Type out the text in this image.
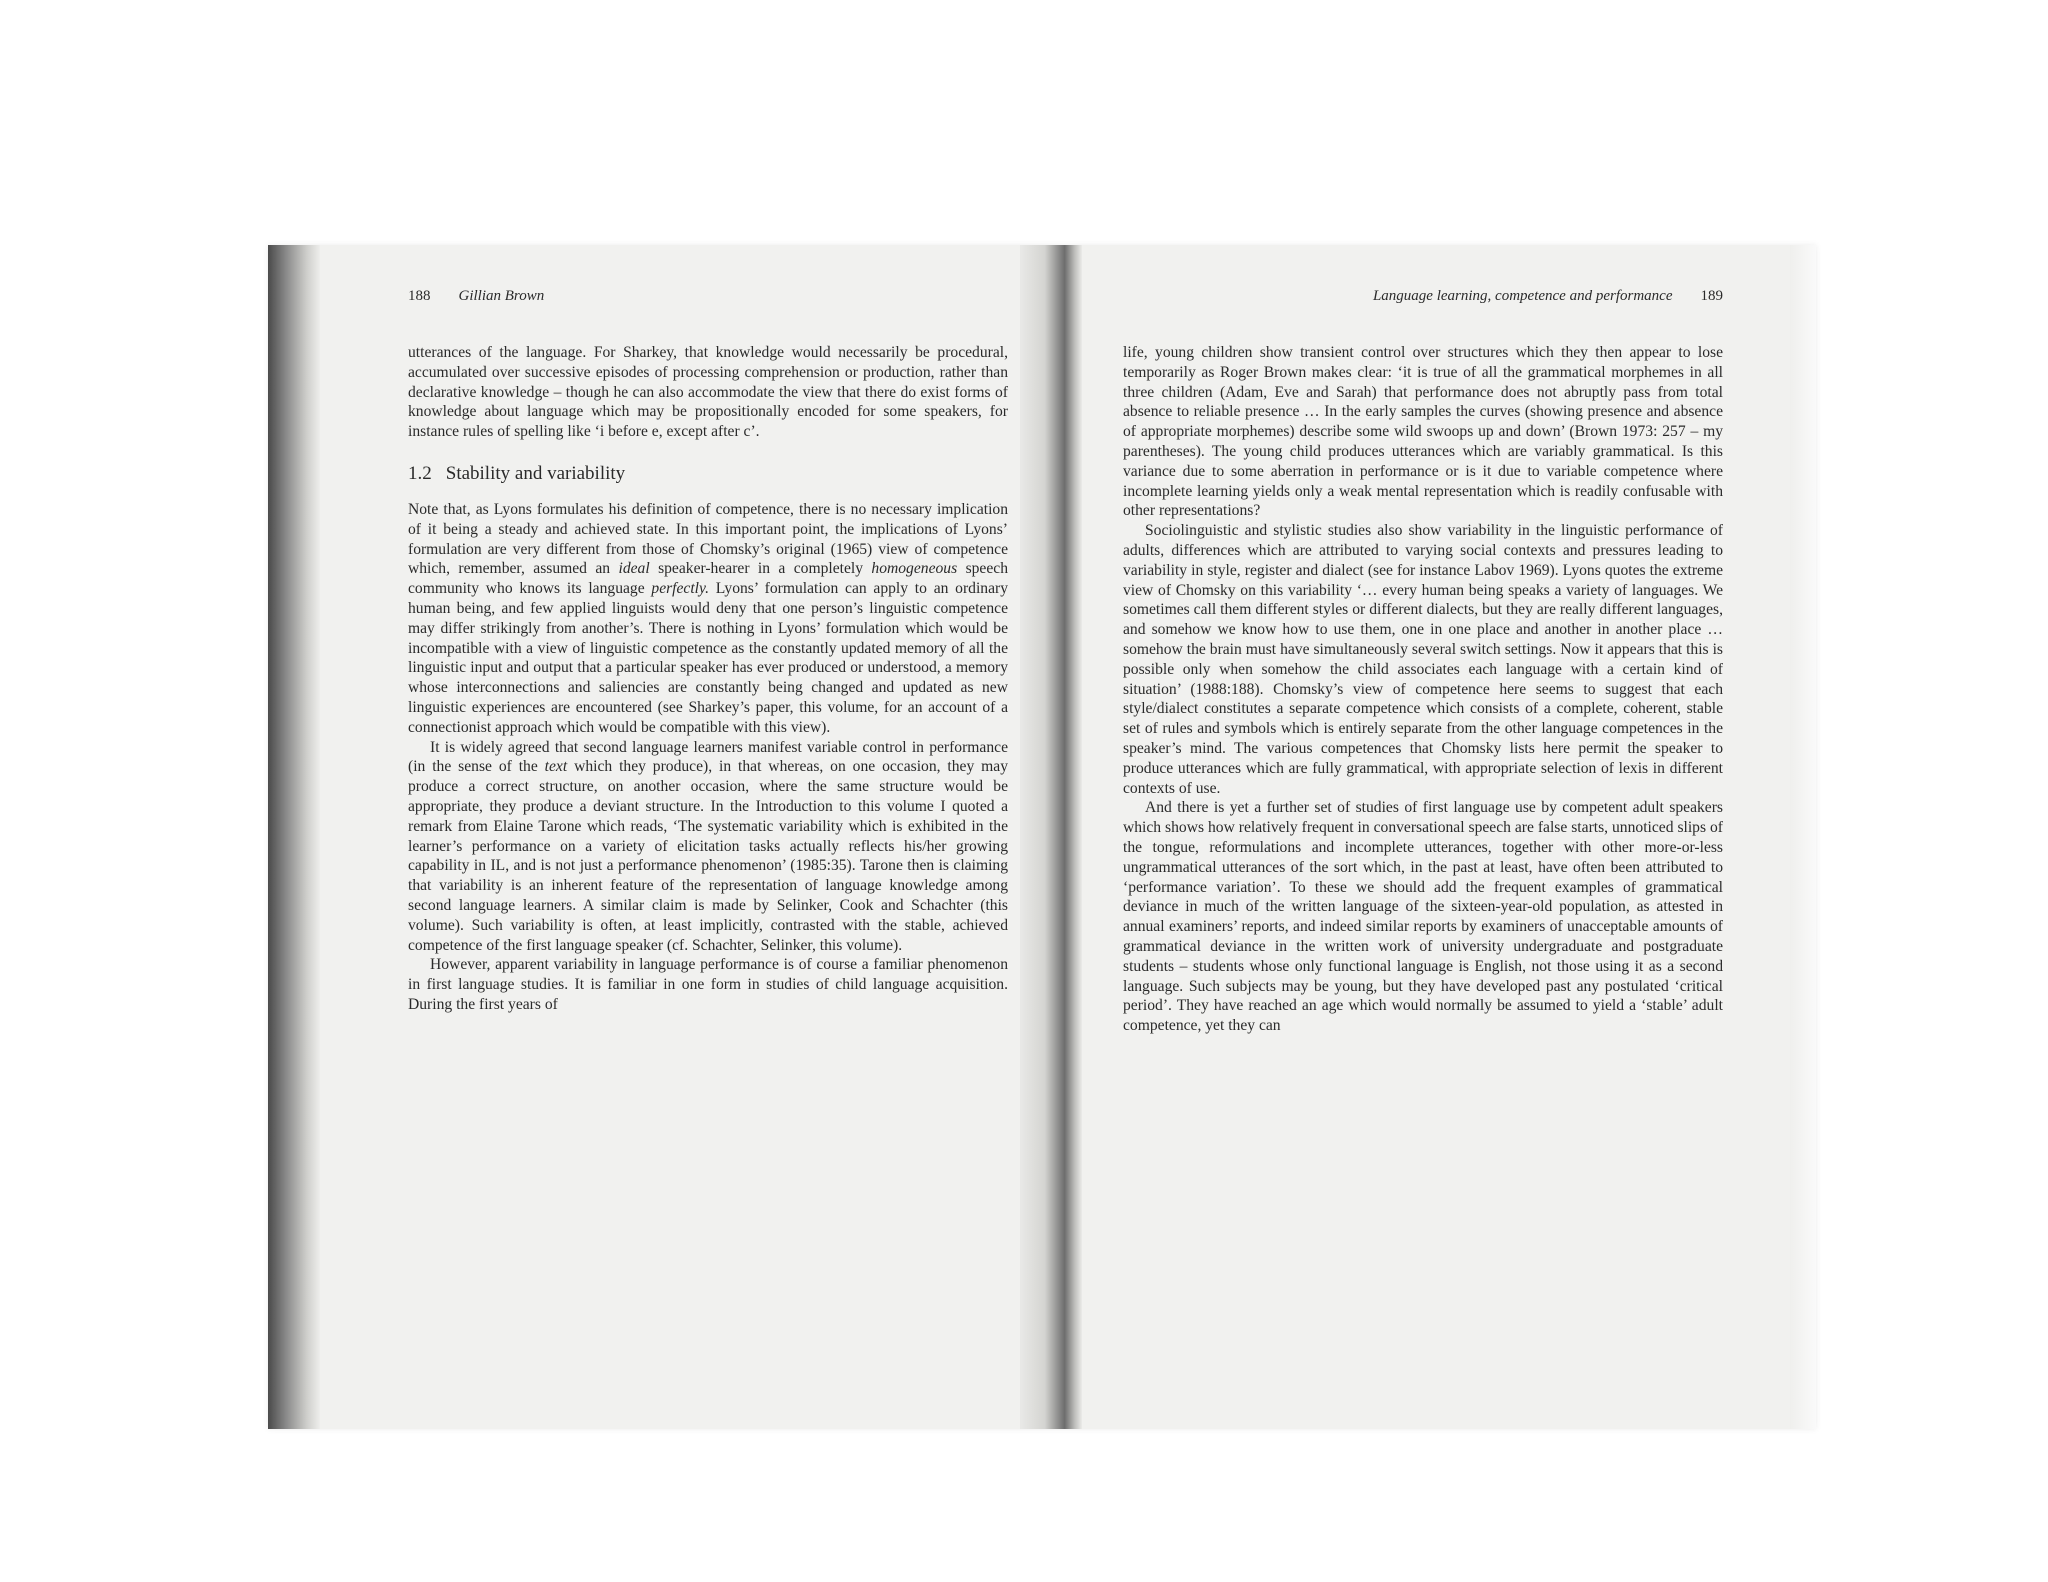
188 Gillian Brown

utterances of the language. For Sharkey, that knowledge would necessarily be procedural, accumulated over successive episodes of processing comprehension or production, rather than declarative knowledge – though he can also accommodate the view that there do exist forms of knowledge about language which may be propositionally encoded for some speakers, for instance rules of spelling like ‘i before e, except after c’.

1.2 Stability and variability

Note that, as Lyons formulates his definition of competence, there is no necessary implication of it being a steady and achieved state. In this important point, the implications of Lyons’ formulation are very different from those of Chomsky’s original (1965) view of competence which, remember, assumed an ideal speaker-hearer in a completely homogeneous speech community who knows its language perfectly. Lyons’ formulation can apply to an ordinary human being, and few applied linguists would deny that one person’s linguistic competence may differ strikingly from another’s. There is nothing in Lyons’ formulation which would be incompatible with a view of linguistic competence as the constantly updated memory of all the linguistic input and output that a particular speaker has ever produced or understood, a memory whose interconnections and saliencies are constantly being changed and updated as new linguistic experiences are encountered (see Sharkey’s paper, this volume, for an account of a connectionist approach which would be compatible with this view).

It is widely agreed that second language learners manifest variable control in performance (in the sense of the text which they produce), in that whereas, on one occasion, they may produce a correct structure, on another occasion, where the same structure would be appropriate, they produce a deviant structure. In the Introduction to this volume I quoted a remark from Elaine Tarone which reads, ‘The systematic variability which is exhibited in the learner’s performance on a variety of elicitation tasks actually reflects his/her growing capability in IL, and is not just a performance phenomenon’ (1985:35). Tarone then is claiming that variability is an inherent feature of the representation of language knowledge among second language learners. A similar claim is made by Selinker, Cook and Schachter (this volume). Such variability is often, at least implicitly, contrasted with the stable, achieved competence of the first language speaker (cf. Schachter, Selinker, this volume).

However, apparent variability in language performance is of course a familiar phenomenon in first language studies. It is familiar in one form in studies of child language acquisition. During the first years of

Language learning, competence and performance 189

life, young children show transient control over structures which they then appear to lose temporarily as Roger Brown makes clear: ‘it is true of all the grammatical morphemes in all three children (Adam, Eve and Sarah) that performance does not abruptly pass from total absence to reliable presence … In the early samples the curves (showing presence and absence of appropriate morphemes) describe some wild swoops up and down’ (Brown 1973: 257 – my parentheses). The young child produces utterances which are variably grammatical. Is this variance due to some aberration in performance or is it due to variable competence where incomplete learning yields only a weak mental representation which is readily confusable with other representations?

Sociolinguistic and stylistic studies also show variability in the linguistic performance of adults, differences which are attributed to varying social contexts and pressures leading to variability in style, register and dialect (see for instance Labov 1969). Lyons quotes the extreme view of Chomsky on this variability ‘… every human being speaks a variety of languages. We sometimes call them different styles or different dialects, but they are really different languages, and somehow we know how to use them, one in one place and another in another place … somehow the brain must have simultaneously several switch settings. Now it appears that this is possible only when somehow the child associates each language with a certain kind of situation’ (1988:188). Chomsky’s view of competence here seems to suggest that each style/dialect constitutes a separate competence which consists of a complete, coherent, stable set of rules and symbols which is entirely separate from the other language competences in the speaker’s mind. The various competences that Chomsky lists here permit the speaker to produce utterances which are fully grammatical, with appropriate selection of lexis in different contexts of use.

And there is yet a further set of studies of first language use by competent adult speakers which shows how relatively frequent in conversational speech are false starts, unnoticed slips of the tongue, reformulations and incomplete utterances, together with other more-or-less ungrammatical utterances of the sort which, in the past at least, have often been attributed to ‘performance variation’. To these we should add the frequent examples of grammatical deviance in much of the written language of the sixteen-year-old population, as attested in annual examiners’ reports, and indeed similar reports by examiners of unacceptable amounts of grammatical deviance in the written work of university undergraduate and postgraduate students – students whose only functional language is English, not those using it as a second language. Such subjects may be young, but they have developed past any postulated ‘critical period’. They have reached an age which would normally be assumed to yield a ‘stable’ adult competence, yet they can
